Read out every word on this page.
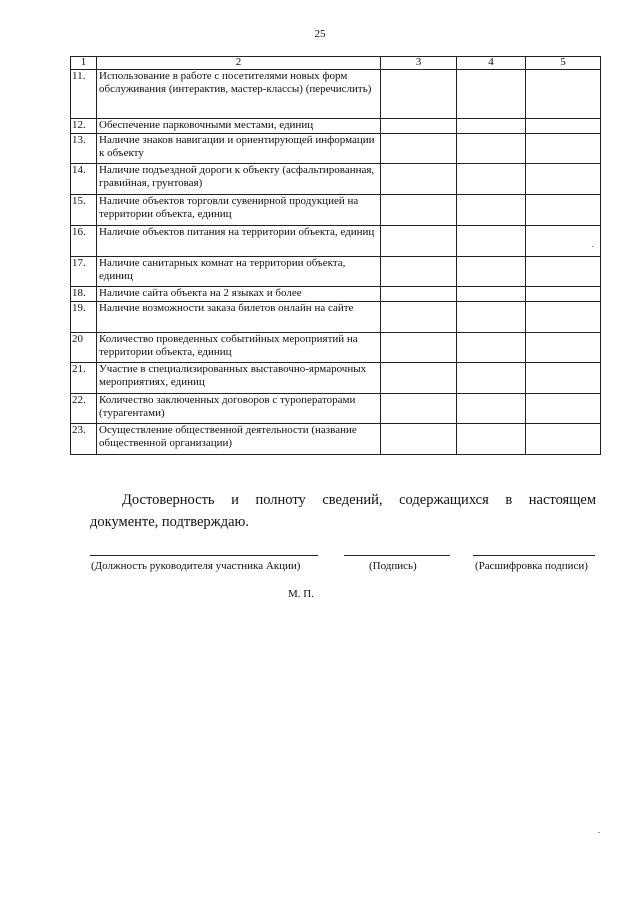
25
1	2	3	4	5
11.	Использование в работе с посетителями новых форм обслуживания (интерактив, мастер-классы) (перечислить)			
12.	Обеспечение парковочными местами, единиц			
13.	Наличие знаков навигации и ориентирующей информации к объекту			
14.	Наличие подъездной дороги к объекту (асфальтированная, гравийная, грунтовая)			
15.	Наличие объектов торговли сувенирной продукцией на территории объекта, единиц			
16.	Наличие объектов питания на территории объекта, единиц			
17.	Наличие санитарных комнат на территории объекта, единиц			
18.	Наличие сайта объекта на 2 языках и более			
19.	Наличие возможности заказа билетов онлайн на сайте			
20	Количество проведенных событийных мероприятий на территории объекта, единиц			
21.	Участие в специализированных выставочно-ярмарочных мероприятиях, единиц			
22.	Количество заключенных договоров с туроператорами (турагентами)			
23.	Осуществление общественной деятельности (название общественной организации)			
Достоверность и полноту сведений, содержащихся в настоящем
документе, подтверждаю.
(Должность руководителя участника Акции)	(Подпись)	(Расшифровка подписи)
М. П.
